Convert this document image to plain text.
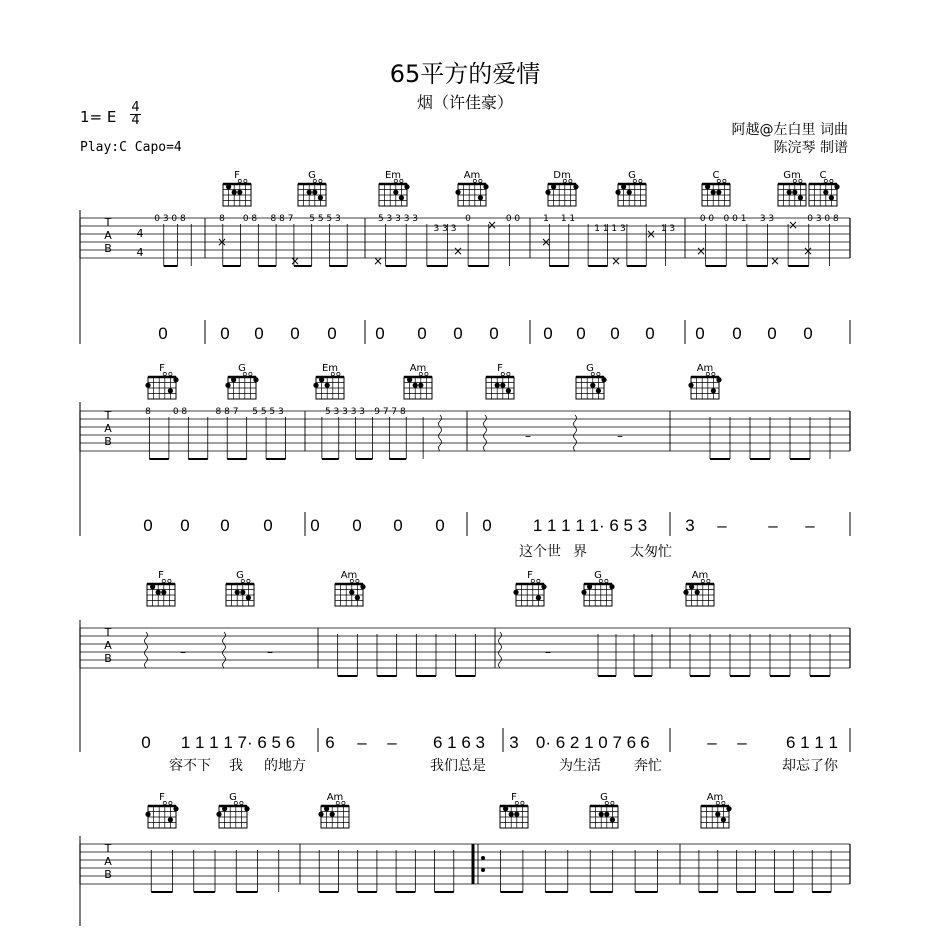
65平方的爱情
烟（许佳豪）
1= E
4
4
Play:C Capo=4
阿越@左白里 词曲
陈浣琴 制谱
F	G	Em	Am	Dm	G	C	Gm C
T
A
B
4
4
0 3 0 8	8 0 8 8 8 7 5 5 5 3	5 3 3 3 3
3 3 3
0	0 0	1 1 1
1 1 1 3	1 3
0 0 0 0 1 3 3	0 3 0 8
×
×	×
×
×
×
×
×
×
×
×
×
0	0 0 0 0 0 0 0 0	0 0 0 0 0 0 0 0
F	G	Em	Am	F	G	Am
T
A
B
8 0 8	8 8 7 5 5 5 3	5 3 3 3 3 9 7 7 8
–	–
0 0 0 0 0 0 0 0 0 1 1 1 1 1· 6 5 3 3 – – –
这个世 界	太匆忙
F	G	Am	F	G	Am
T
A
B	–	–	–
0 1 1 1 1 7· 6 5 6 6 – – 6 1 6 3 3 0· 6 2 1 0 7 6 6	– – 6 1 1 1
容不下 我 的地方	我们总是	为生活 奔忙	却忘了你
F	G	Am	F	G	Am
T
A
B
